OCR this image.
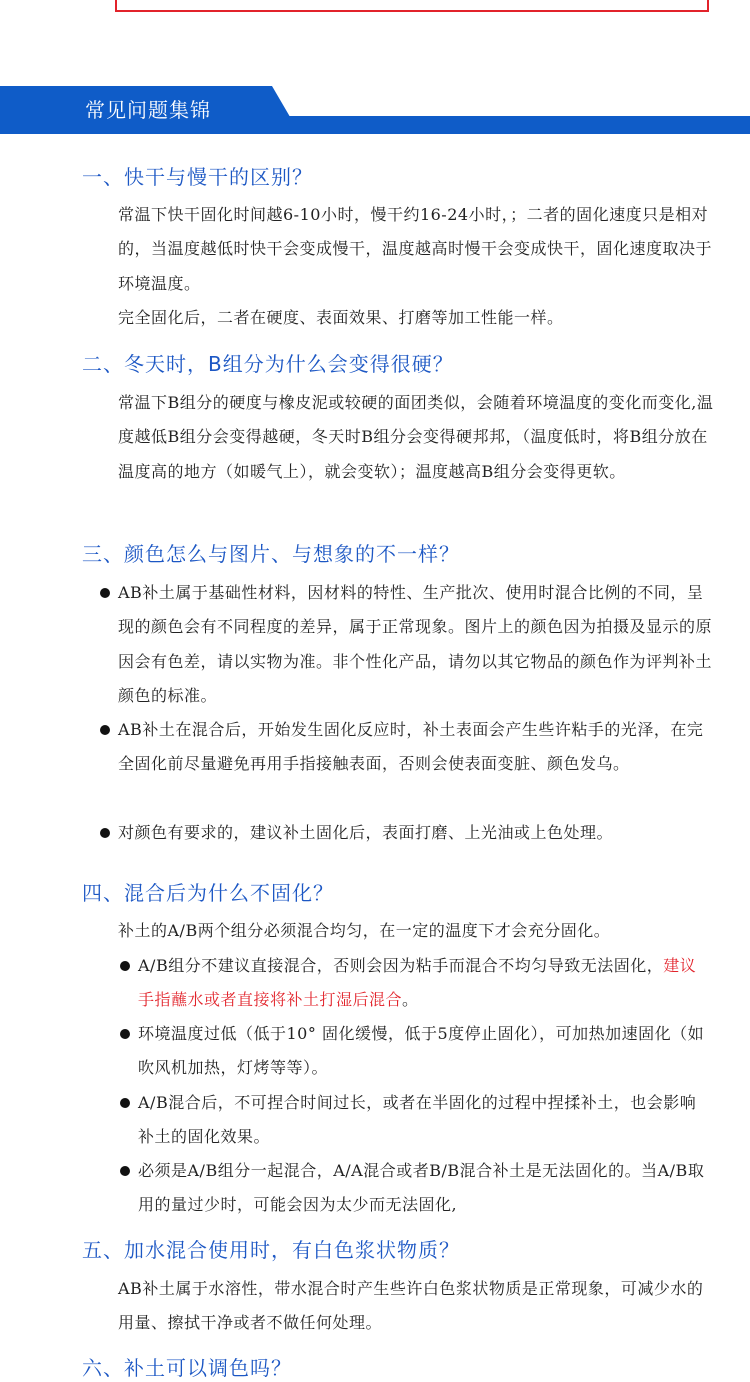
常见问题集锦
一、快干与慢干的区别？

常温下快干固化时间越6-10小时，慢干约16-24小时，；二者的固化速度只是相对的，当温度越低时快干会变成慢干，温度越高时慢干会变成快干，固化速度取决于环境温度。

完全固化后，二者在硬度、表面效果、打磨等加工性能一样。

二、冬天时，B组分为什么会变得很硬？

常温下B组分的硬度与橡皮泥或较硬的面团类似，会随着环境温度的变化而变化,温度越低B组分会变得越硬，冬天时B组分会变得硬邦邦，（温度低时，将B组分放在温度高的地方（如暖气上），就会变软）；温度越高B组分会变得更软。

三、颜色怎么与图片、与想象的不一样？
AB补土属于基础性材料，因材料的特性、生产批次、使用时混合比例的不同，呈现的颜色会有不同程度的差异，属于正常现象。图片上的颜色因为拍摄及显示的原因会有色差，请以实物为准。非个性化产品，请勿以其它物品的颜色作为评判补土颜色的标准。
AB补土在混合后，开始发生固化反应时，补土表面会产生些许粘手的光泽，在完全固化前尽量避免再用手指接触表面，否则会使表面变脏、颜色发乌。
对颜色有要求的，建议补土固化后，表面打磨、上光油或上色处理。
四、混合后为什么不固化？

补土的A/B两个组分必须混合均匀，在一定的温度下才会充分固化。

A/B组分不建议直接混合，否则会因为粘手而混合不均匀导致无法固化，建议手指蘸水或者直接将补土打湿后混合。
环境温度过低（低于10° 固化缓慢，低于5度停止固化），可加热加速固化（如吹风机加热，灯烤等等）。
A/B混合后，不可捏合时间过长，或者在半固化的过程中捏揉补土，也会影响补土的固化效果。
必须是A/B组分一起混合，A/A混合或者B/B混合补土是无法固化的。当A/B取用的量过少时，可能会因为太少而无法固化,
五、加水混合使用时，有白色浆状物质？

AB补土属于水溶性，带水混合时产生些许白色浆状物质是正常现象，可减少水的用量、擦拭干净或者不做任何处理。

六、补土可以调色吗？
